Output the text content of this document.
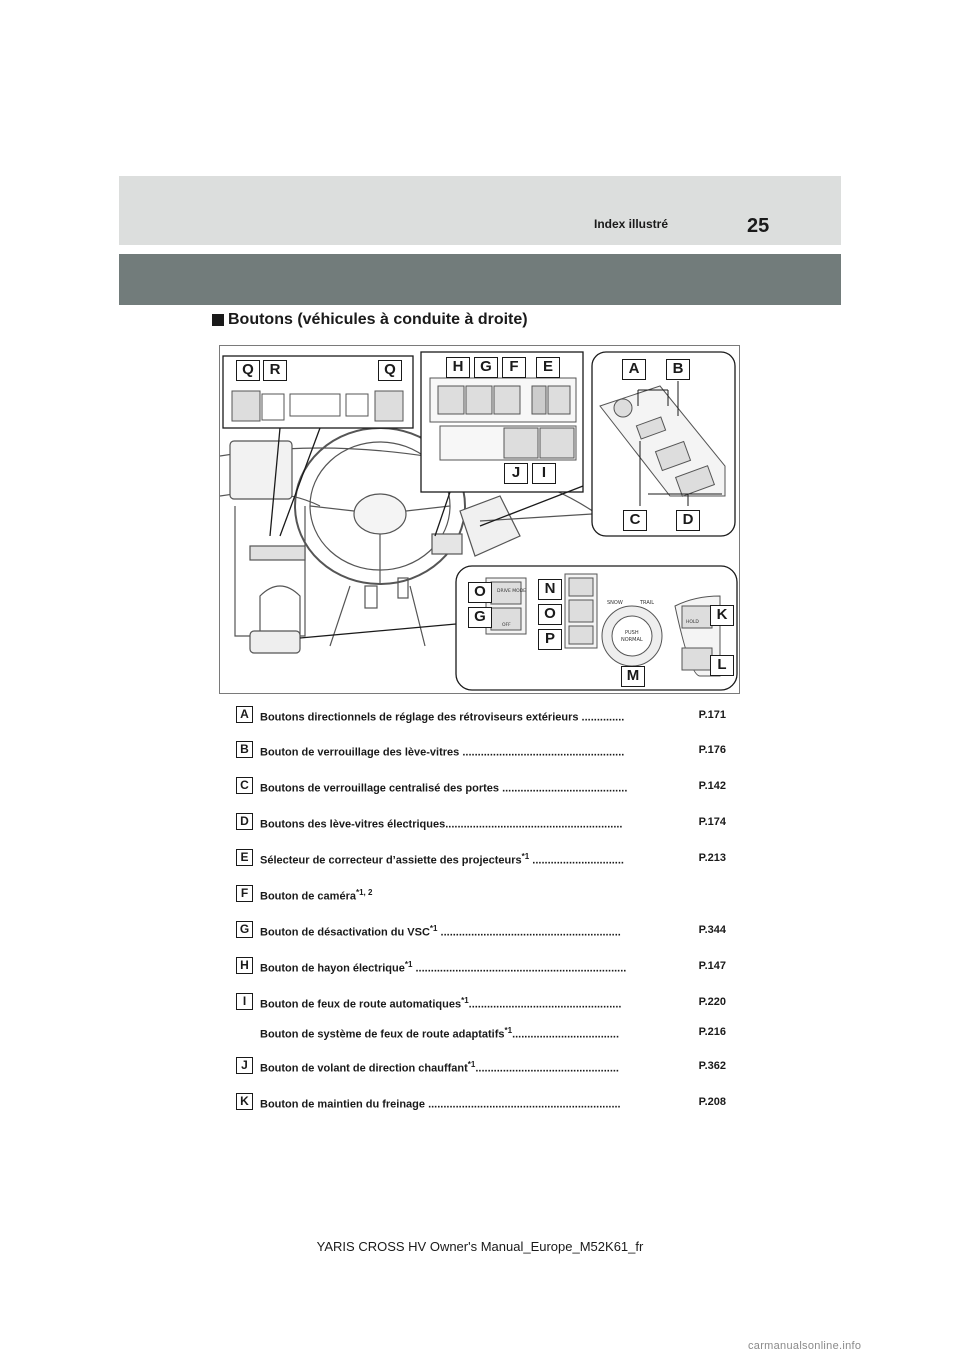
Index illustré	25
Boutons (véhicules à conduite à droite)
SNOW	TRAIL
PUSH
NORMAL
DRIVE MODE
OFF
HOLD
Q	R	Q	H	G	F	E
J	I
A	B
C	D
O	N
G	O
P
K
L
M
A	Boutons directionnels de réglage des rétroviseurs extérieurs ..............	P.171
B	Bouton de verrouillage des lève-vitres .....................................................	P.176
C	Boutons de verrouillage centralisé des portes .........................................	P.142
D	Boutons des lève-vitres électriques..........................................................	P.174
E	Sélecteur de correcteur d’assiette des projecteurs$^{*1}$ ..............................	P.213
F	Bouton de caméra$^{*1, 2}$
G Bouton de désactivation du VSC$^{*1}$ ...........................................................	P.344
H	Bouton de hayon électrique$^{*1}$ .....................................................................	P.147
I	Bouton de feux de route automatiques$^{*1}$..................................................	P.220
Bouton de système de feux de route adaptatifs$^{*1}$...................................	P.216
J	Bouton de volant de direction chauffant$^{*1}$...............................................	P.362
K	Bouton de maintien du freinage ...............................................................	P.208
YARIS CROSS HV Owner's Manual_Europe_M52K61_fr
carmanualsonline.info
